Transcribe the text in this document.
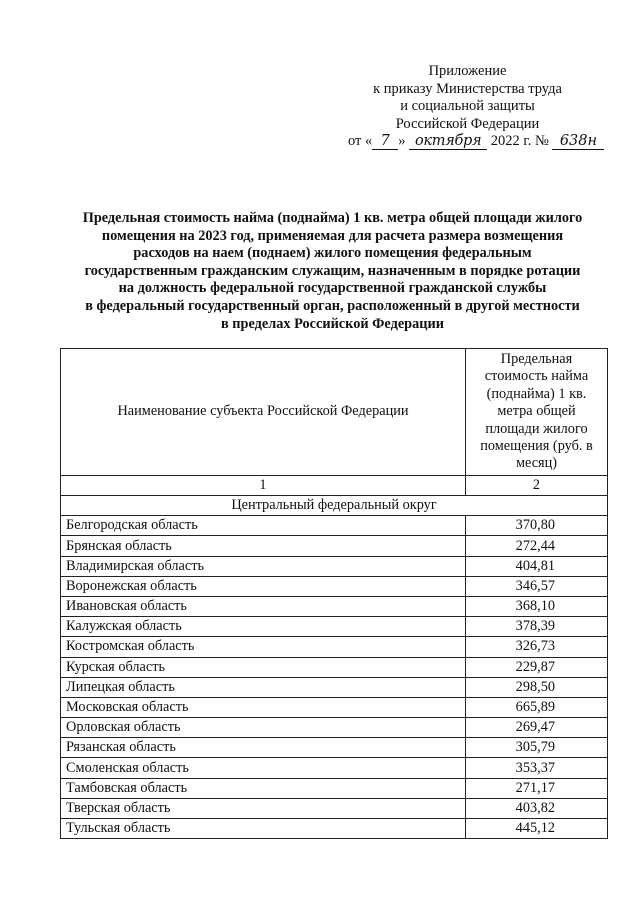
Приложение
к приказу Министерства труда
и социальной защиты
Российской Федерации
от « 7 » октября 2022 г. № 638н
Предельная стоимость найма (поднайма) 1 кв. метра общей площади жилого
помещения на 2023 год, применяемая для расчета размера возмещения
расходов на наем (поднаем) жилого помещения федеральным
государственным гражданским служащим, назначенным в порядке ротации
на должность федеральной государственной гражданской службы
в федеральный государственный орган, расположенный в другой местности
в пределах Российской Федерации
Наименование субъекта Российской Федерации	Предельная стоимость найма (поднайма) 1 кв. метра общей площади жилого помещения (руб. в месяц)
1	2
Центральный федеральный округ	
Белгородская область	370,80
Брянская область	272,44
Владимирская область	404,81
Воронежская область	346,57
Ивановская область	368,10
Калужская область	378,39
Костромская область	326,73
Курская область	229,87
Липецкая область	298,50
Московская область	665,89
Орловская область	269,47
Рязанская область	305,79
Смоленская область	353,37
Тамбовская область	271,17
Тверская область	403,82
Тульская область	445,12
